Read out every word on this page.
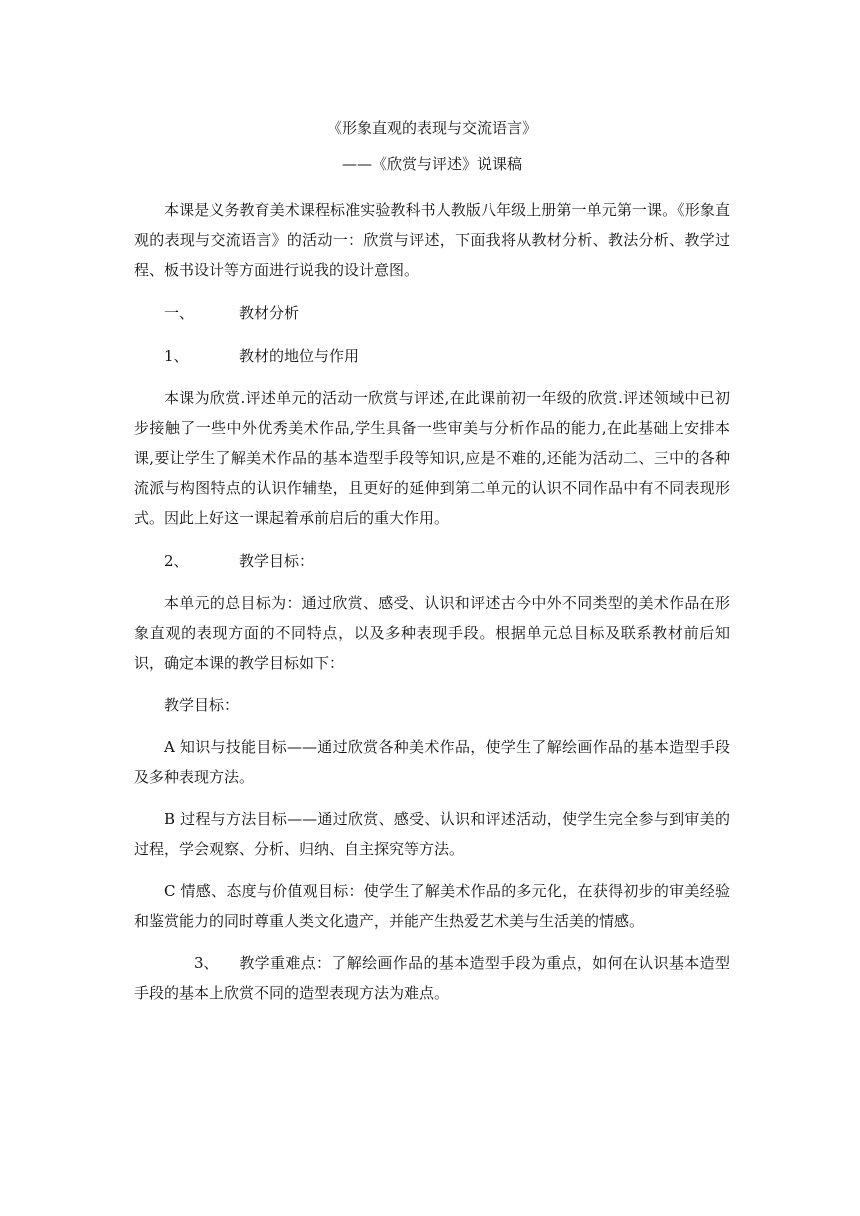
《形象直观的表现与交流语言》
——《欣赏与评述》说课稿

本课是义务教育美术课程标准实验教科书人教版八年级上册第一单元第一课。《形象直观的表现与交流语言》的活动一：欣赏与评述，下面我将从教材分析、教法分析、教学过程、板书设计等方面进行说我的设计意图。

一、	教材分析
1、	教材的地位与作用

本课为欣赏.评述单元的活动一欣赏与评述,在此课前初一年级的欣赏.评述领域中已初步接触了一些中外优秀美术作品,学生具备一些审美与分析作品的能力,在此基础上安排本课,要让学生了解美术作品的基本造型手段等知识,应是不难的,还能为活动二、三中的各种流派与构图特点的认识作辅垫，且更好的延伸到第二单元的认识不同作品中有不同表现形式。因此上好这一课起着承前启后的重大作用。

2、	教学目标：

本单元的总目标为：通过欣赏、感受、认识和评述古今中外不同类型的美术作品在形象直观的表现方面的不同特点，以及多种表现手段。根据单元总目标及联系教材前后知识，确定本课的教学目标如下：

教学目标：

A 知识与技能目标——通过欣赏各种美术作品，使学生了解绘画作品的基本造型手段及多种表现方法。

B 过程与方法目标——通过欣赏、感受、认识和评述活动，使学生完全参与到审美的过程，学会观察、分析、归纳、自主探究等方法。

C 情感、态度与价值观目标：使学生了解美术作品的多元化，在获得初步的审美经验和鉴赏能力的同时尊重人类文化遗产，并能产生热爱艺术美与生活美的情感。

3、 教学重难点：了解绘画作品的基本造型手段为重点，如何在认识基本造型手段的基本上欣赏不同的造型表现方法为难点。
